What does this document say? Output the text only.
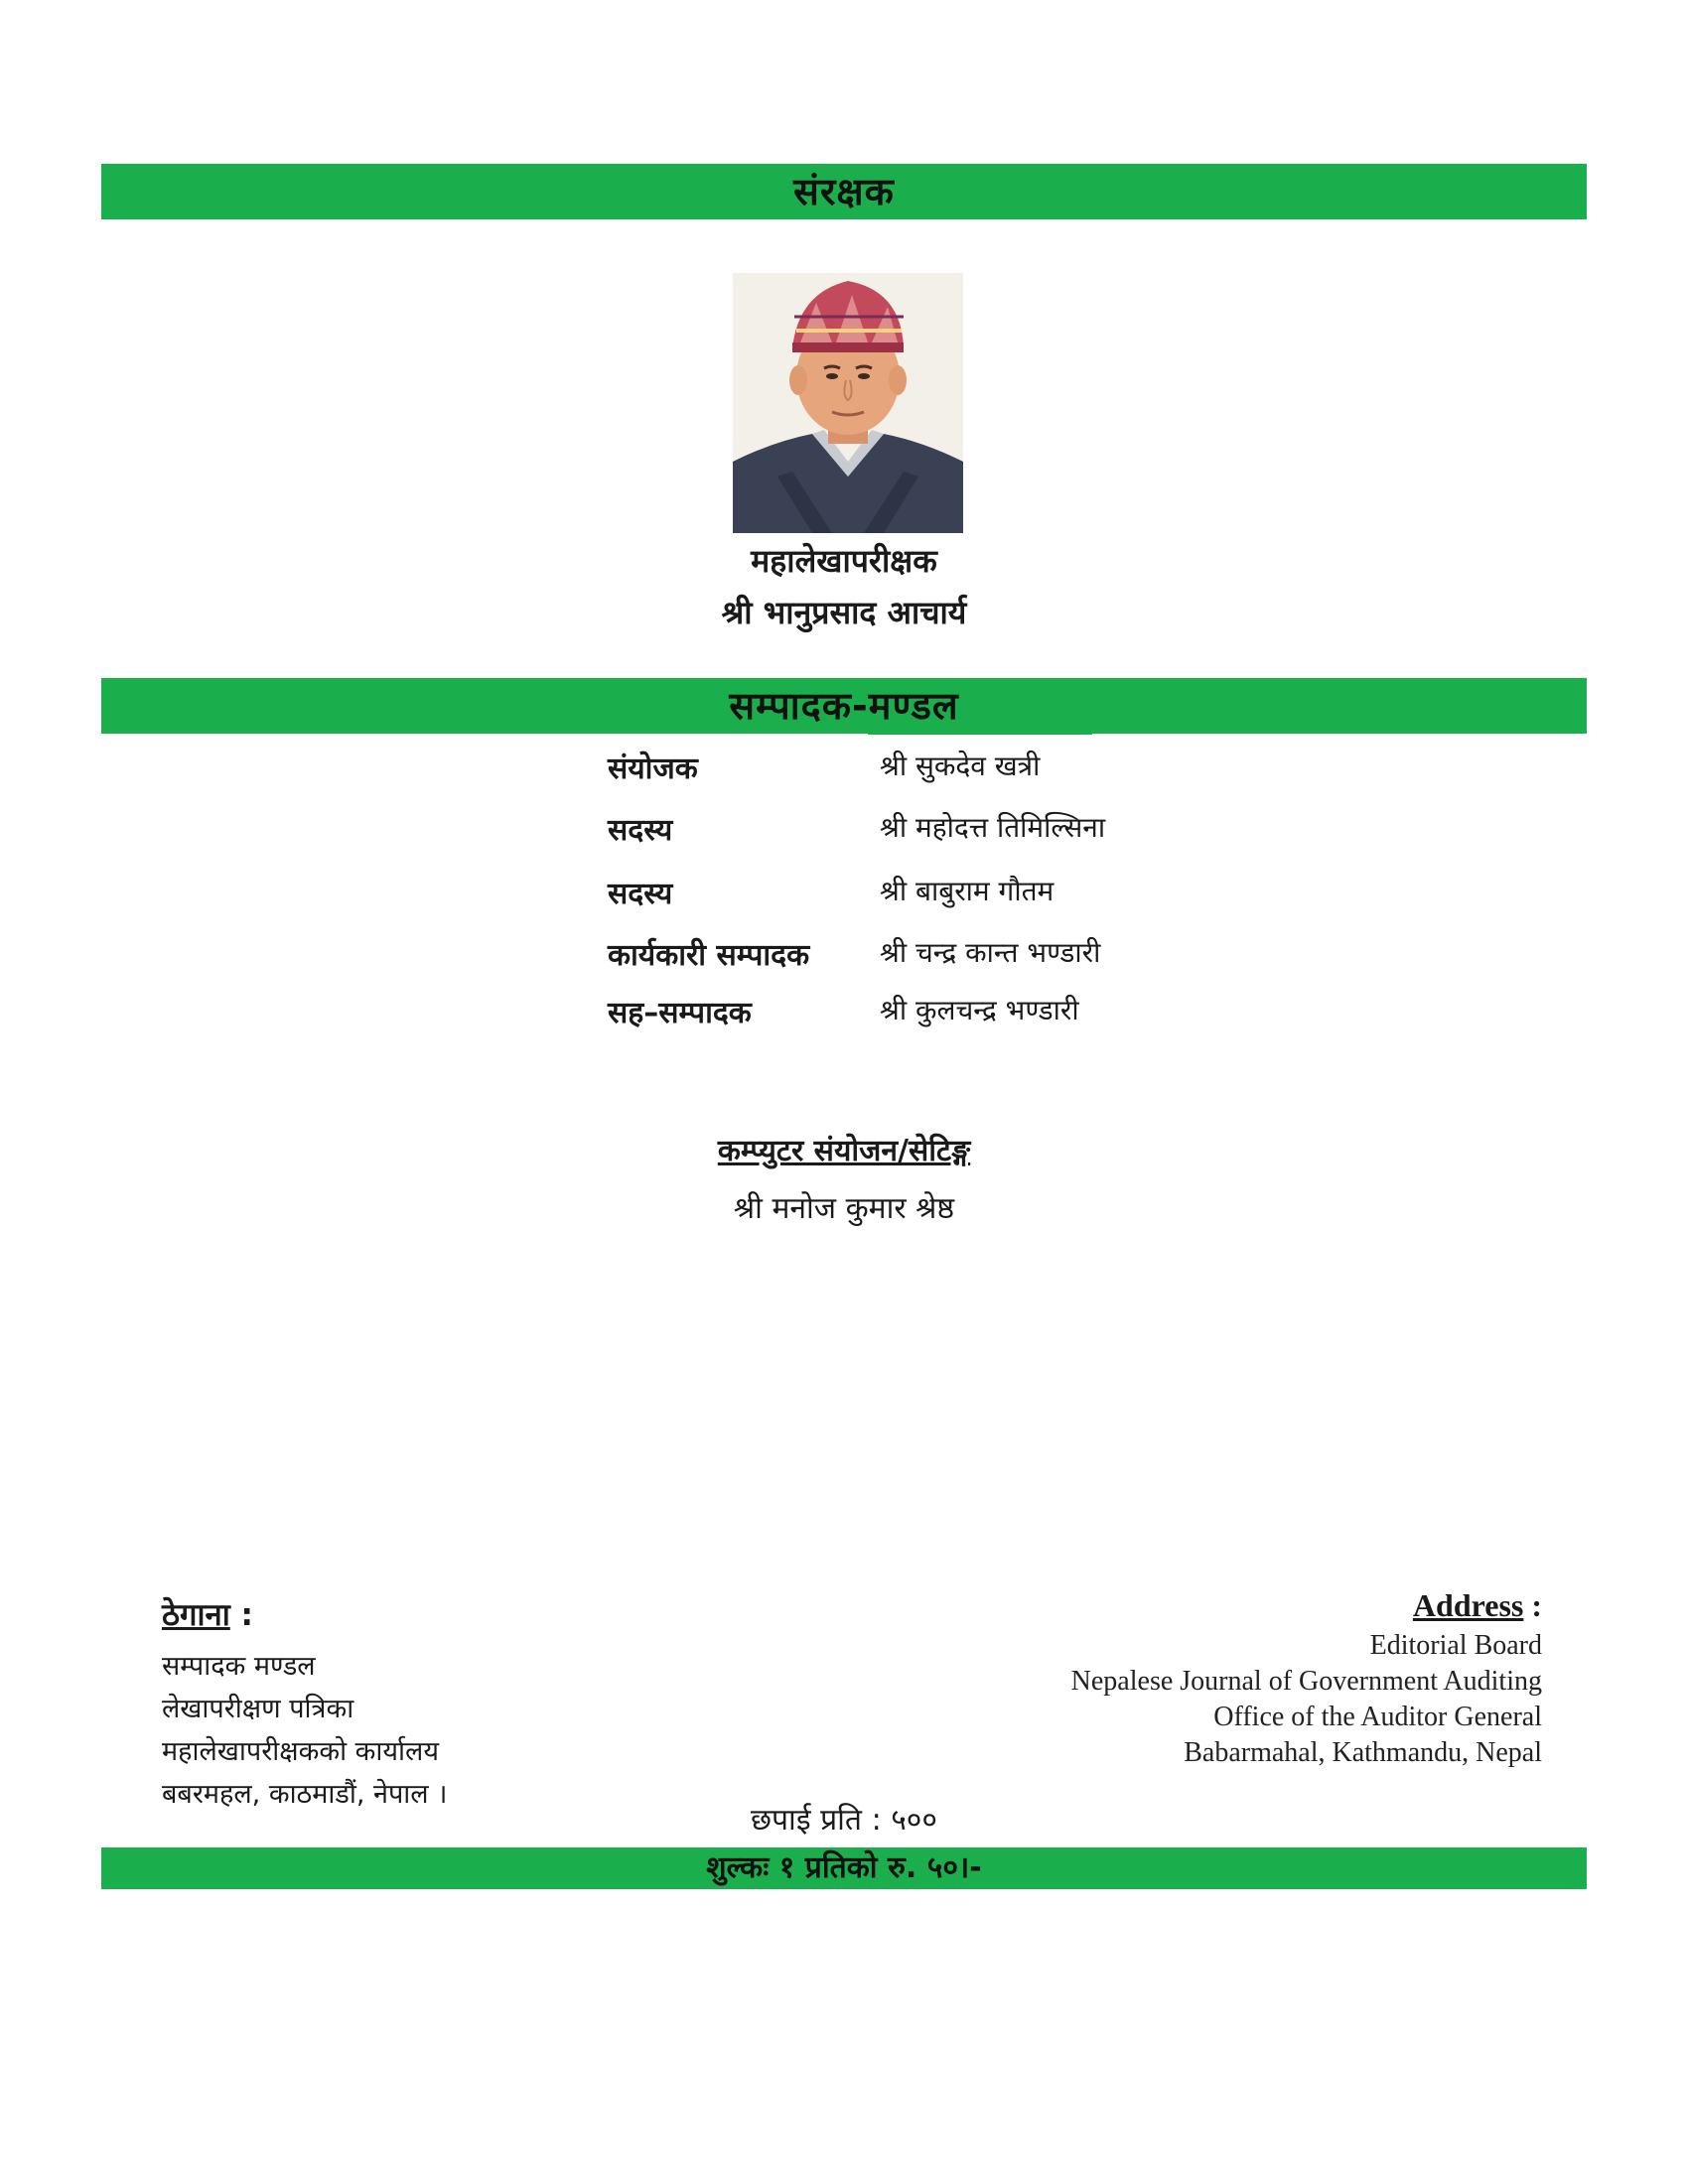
संरक्षक
महालेखापरीक्षक
श्री भानुप्रसाद आचार्य
सम्पादक-मण्डल
संयोजक	श्री सुकदेव खत्री
सदस्य	श्री महोदत्त तिमिल्सिना
सदस्य	श्री बाबुराम गौतम
कार्यकारी सम्पादक	श्री चन्द्र कान्त भण्डारी
सह–सम्पादक	श्री कुलचन्द्र भण्डारी
कम्प्युटर संयोजन/सेटिङ्ग
श्री मनोज कुमार श्रेष्ठ
ठेगाना :
सम्पादक मण्डल
लेखापरीक्षण पत्रिका
महालेखापरीक्षकको कार्यालय
बबरमहल, काठमाडौं, नेपाल ।
Address :
Editorial Board
Nepalese Journal of Government Auditing
Office of the Auditor General
Babarmahal, Kathmandu, Nepal
छपाई प्रति : ५००
शुल्कः १ प्रतिको रु. ५०।-
